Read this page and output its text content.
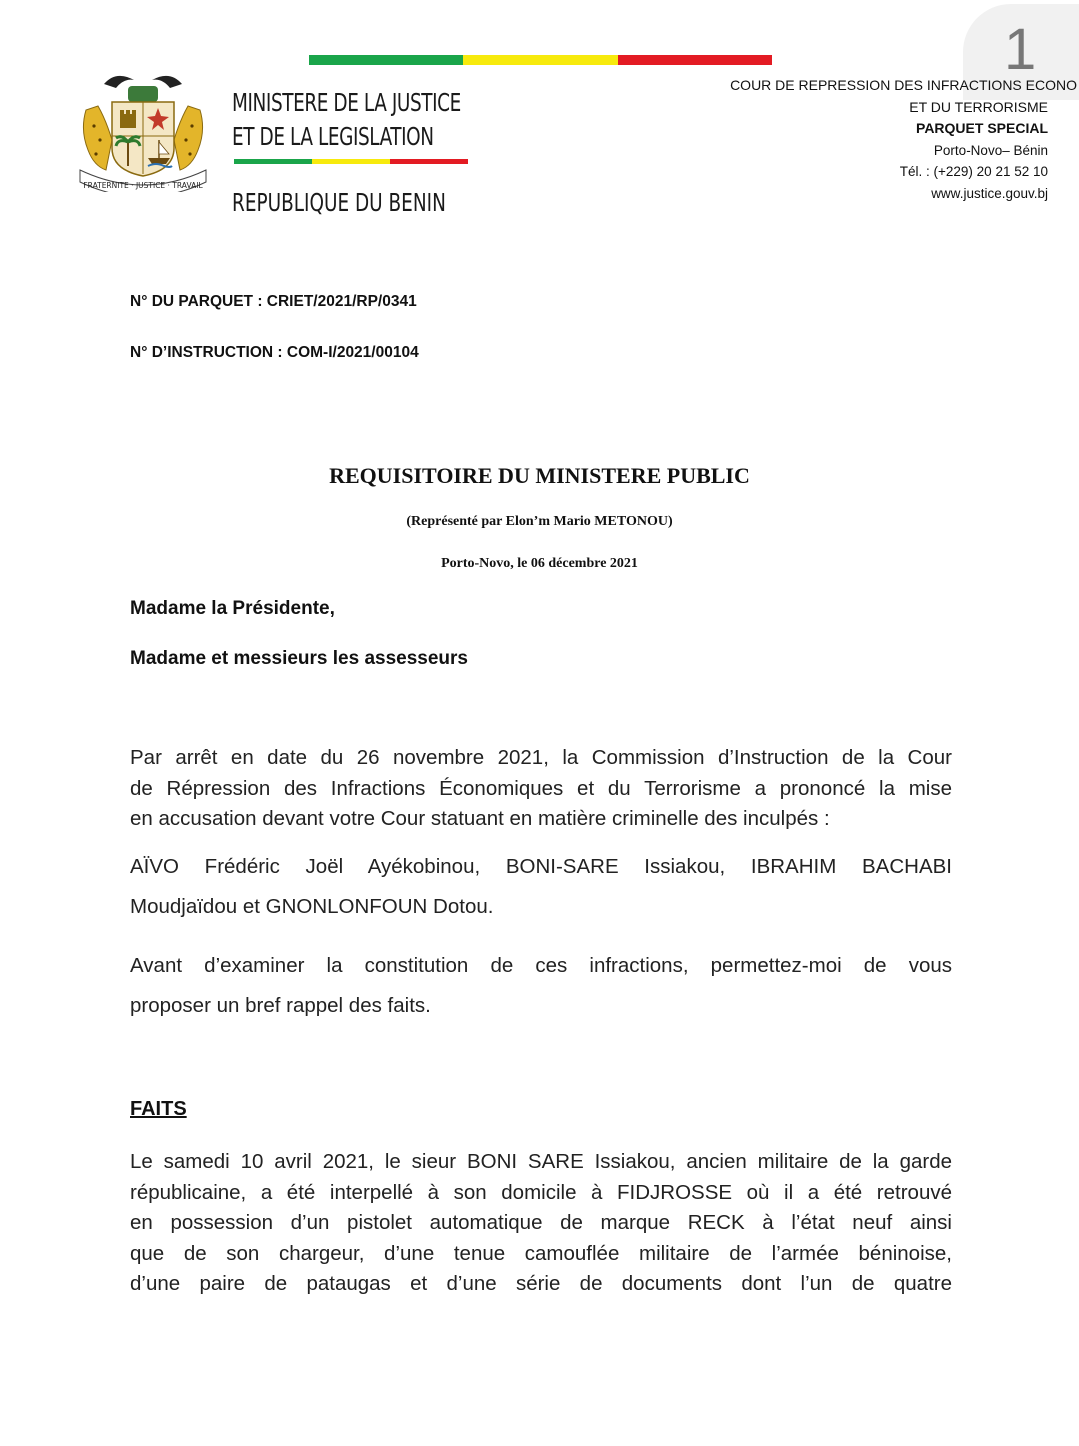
1
FRATERNITE · JUSTICE · TRAVAIL
MINISTERE DE LA JUSTICE
ET DE LA LEGISLATION
REPUBLIQUE DU BENIN
COUR DE REPRESSION DES INFRACTIONS ECONO
ET DU TERRORISME
PARQUET SPECIAL
Porto-Novo– Bénin
Tél. : (+229) 20 21 52 10
www.justice.gouv.bj
N° DU PARQUET : CRIET/2021/RP/0341
N° D’INSTRUCTION : COM-I/2021/00104
REQUISITOIRE DU MINISTERE PUBLIC
(Représenté par Elon’m Mario METONOU)
Porto-Novo, le 06 décembre 2021
Madame la Présidente,
Madame et messieurs les assesseurs
Par arrêt en date du 26 novembre 2021, la Commission d’Instruction de la Cour
de Répression des Infractions Économiques et du Terrorisme a prononcé la mise
en accusation devant votre Cour statuant en matière criminelle des inculpés :
AÏVO Frédéric Joël Ayékobinou, BONI-SARE Issiakou, IBRAHIM BACHABI
Moudjaïdou et GNONLONFOUN Dotou.
Avant d’examiner la constitution de ces infractions, permettez-moi de vous
proposer un bref rappel des faits.
FAITS
Le samedi 10 avril 2021, le sieur BONI SARE Issiakou, ancien militaire de la garde
républicaine, a été interpellé à son domicile à FIDJROSSE où il a été retrouvé
en possession d’un pistolet automatique de marque RECK à l’état neuf ainsi
que de son chargeur, d’une tenue camouflée militaire de l’armée béninoise,
d’une paire de pataugas et d’une série de documents dont l’un de quatre
